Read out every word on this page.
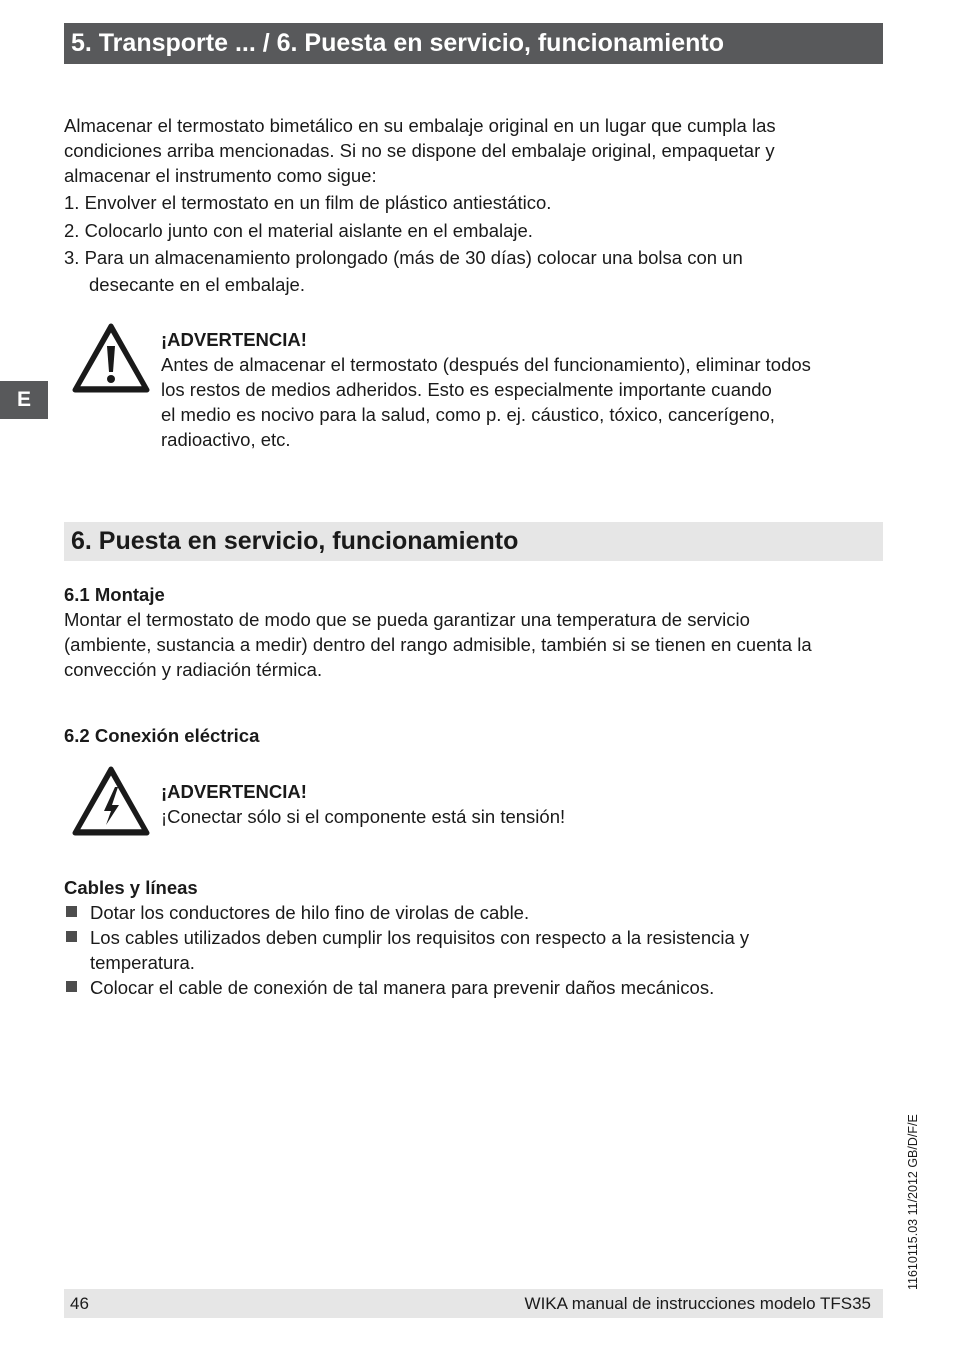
5. Transporte ... / 6. Puesta en servicio, funcionamiento
E
Almacenar el termostato bimetálico en su embalaje original en un lugar que cumpla las
condiciones arriba mencionadas. Si no se dispone del embalaje original, empaquetar y
almacenar el instrumento como sigue:
1. Envolver el termostato en un film de plástico antiestático.
2. Colocarlo junto con el material aislante en el embalaje.
3. Para un almacenamiento prolongado (más de 30 días) colocar una bolsa con un
desecante en el embalaje.
¡ADVERTENCIA!
Antes de almacenar el termostato (después del funcionamiento), eliminar todos
los restos de medios adheridos. Esto es especialmente importante cuando
el medio es nocivo para la salud, como p. ej. cáustico, tóxico, cancerígeno,
radioactivo, etc.
6. Puesta en servicio, funcionamiento
6.1 Montaje
Montar el termostato de modo que se pueda garantizar una temperatura de servicio
(ambiente, sustancia a medir) dentro del rango admisible, también si se tienen en cuenta la
convección y radiación térmica.
6.2 Conexión eléctrica
¡ADVERTENCIA!
¡Conectar sólo si el componente está sin tensión!
Cables y líneas
Dotar los conductores de hilo fino de virolas de cable.
Los cables utilizados deben cumplir los requisitos con respecto a la resistencia y
temperatura.
Colocar el cable de conexión de tal manera para prevenir daños mecánicos.
11610115.03 11/2012 GB/D/F/E
46	WIKA manual de instrucciones modelo TFS35
